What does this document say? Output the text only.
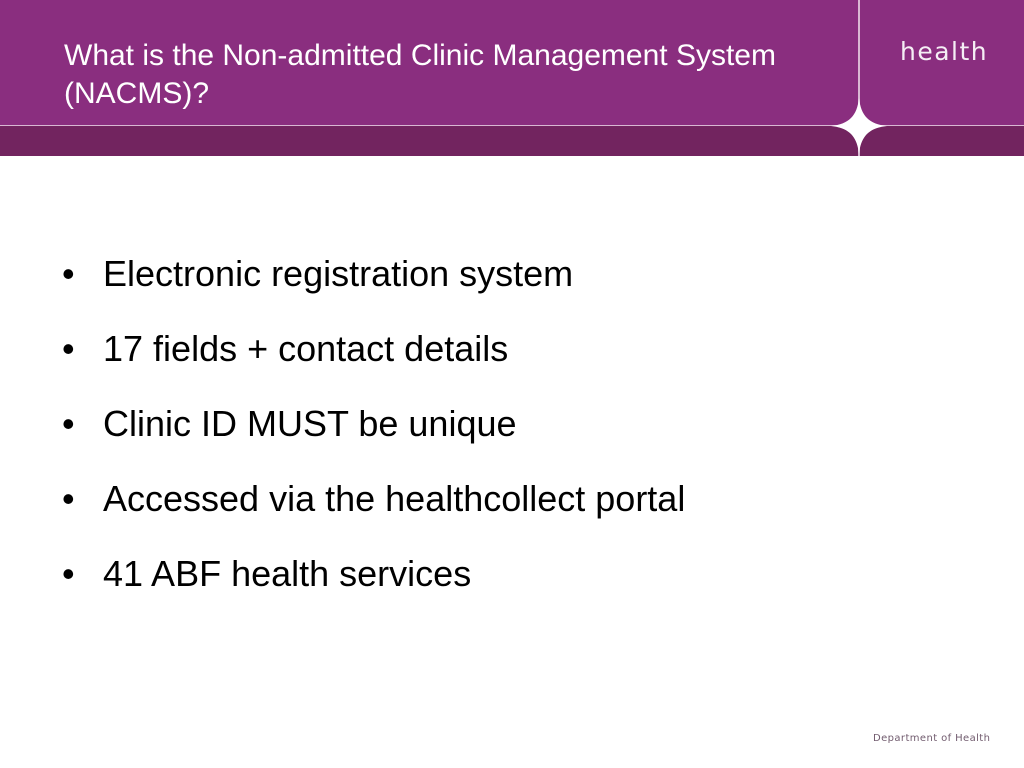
What is the Non-admitted Clinic Management System (NACMS)?
health
• Electronic registration system
• 17 fields + contact details
• Clinic ID MUST be unique
• Accessed via the healthcollect portal
• 41 ABF health services
Department of Health
